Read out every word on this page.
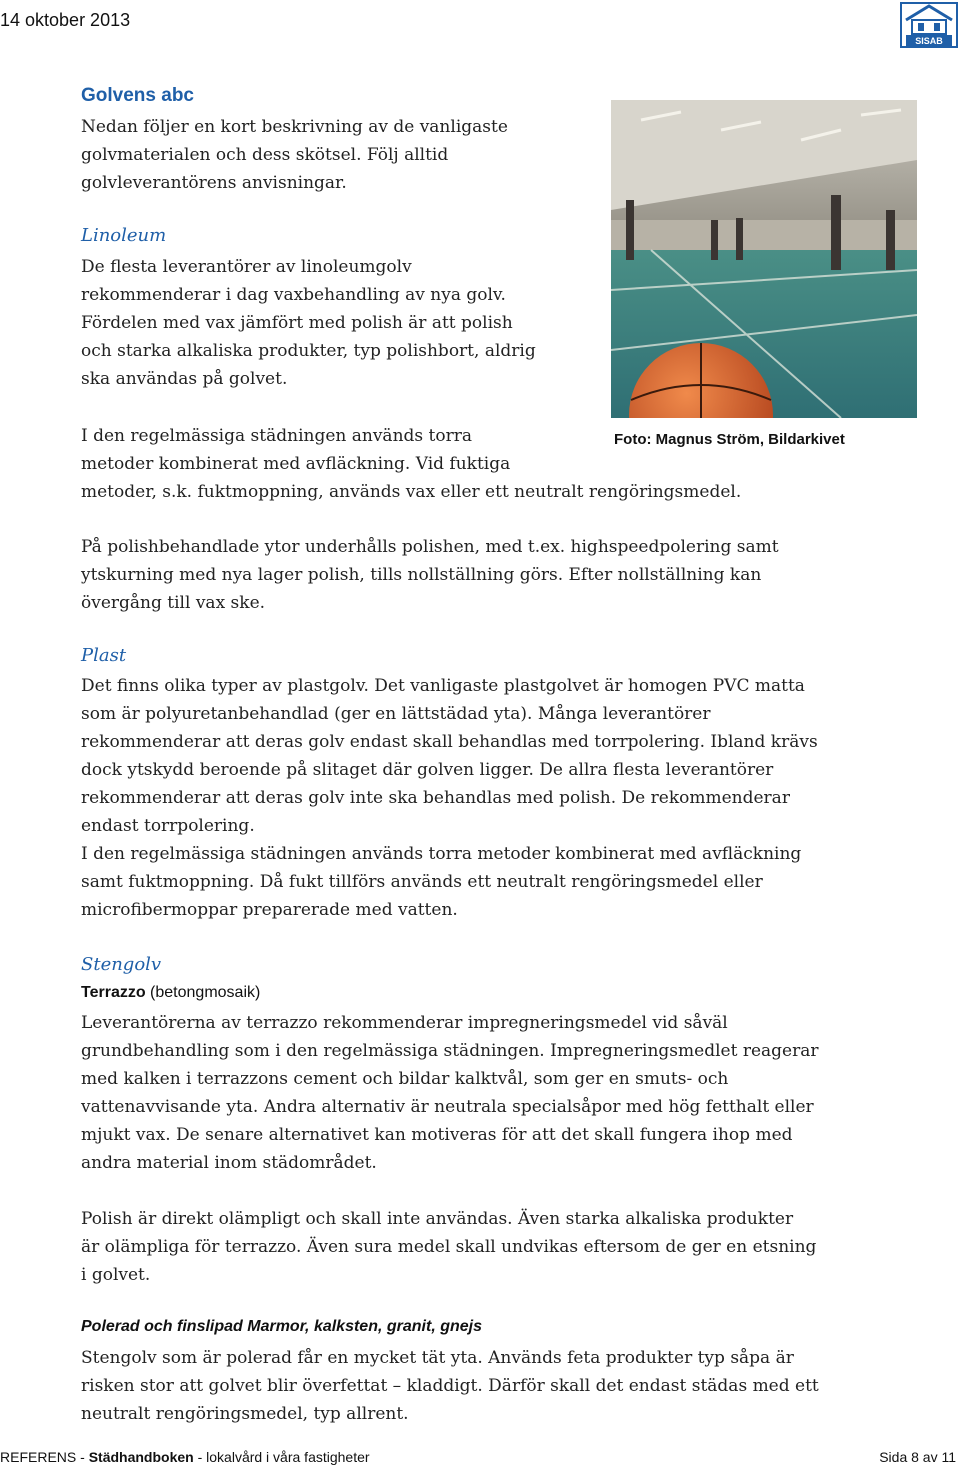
14 oktober 2013
SISAB
Golvens abc

Nedan följer en kort beskrivning av de vanligaste

golvmaterialen och dess skötsel. Följ alltid

golvleverantörens anvisningar.

Linoleum

De flesta leverantörer av linoleumgolv

rekommenderar i dag vaxbehandling av nya golv.

Fördelen med vax jämfört med polish är att polish

och starka alkaliska produkter, typ polishbort, aldrig

ska användas på golvet.

Foto: Magnus Ström, Bildarkivet

I den regelmässiga städningen används torra

metoder kombinerat med avfläckning. Vid fuktiga

metoder, s.k. fuktmoppning, används vax eller ett neutralt rengöringsmedel.

På polishbehandlade ytor underhålls polishen, med t.ex. highspeedpolering samt

ytskurning med nya lager polish, tills nollställning görs. Efter nollställning kan

övergång till vax ske.

Plast

Det finns olika typer av plastgolv. Det vanligaste plastgolvet är homogen PVC matta

som är polyuretanbehandlad (ger en lättstädad yta). Många leverantörer

rekommenderar att deras golv endast skall behandlas med torrpolering. Ibland krävs

dock ytskydd beroende på slitaget där golven ligger. De allra flesta leverantörer

rekommenderar att deras golv inte ska behandlas med polish. De rekommenderar

endast torrpolering.

I den regelmässiga städningen används torra metoder kombinerat med avfläckning

samt fuktmoppning. Då fukt tillförs används ett neutralt rengöringsmedel eller

microfibermoppar preparerade med vatten.

Stengolv
Terrazzo (betongmosaik)

Leverantörerna av terrazzo rekommenderar impregneringsmedel vid såväl

grundbehandling som i den regelmässiga städningen. Impregneringsmedlet reagerar

med kalken i terrazzons cement och bildar kalktvål, som ger en smuts- och

vattenavvisande yta. Andra alternativ är neutrala specialsåpor med hög fetthalt eller

mjukt vax. De senare alternativet kan motiveras för att det skall fungera ihop med

andra material inom städområdet.

Polish är direkt olämpligt och skall inte användas. Även starka alkaliska produkter

är olämpliga för terrazzo. Även sura medel skall undvikas eftersom de ger en etsning

i golvet.

Polerad och finslipad Marmor, kalksten, granit, gnejs

Stengolv som är polerad får en mycket tät yta. Används feta produkter typ såpa är

risken stor att golvet blir överfettat – kladdigt. Därför skall det endast städas med ett

neutralt rengöringsmedel, typ allrent.

REFERENS - Städhandboken - lokalvård i våra fastigheter	Sida 8 av 11
